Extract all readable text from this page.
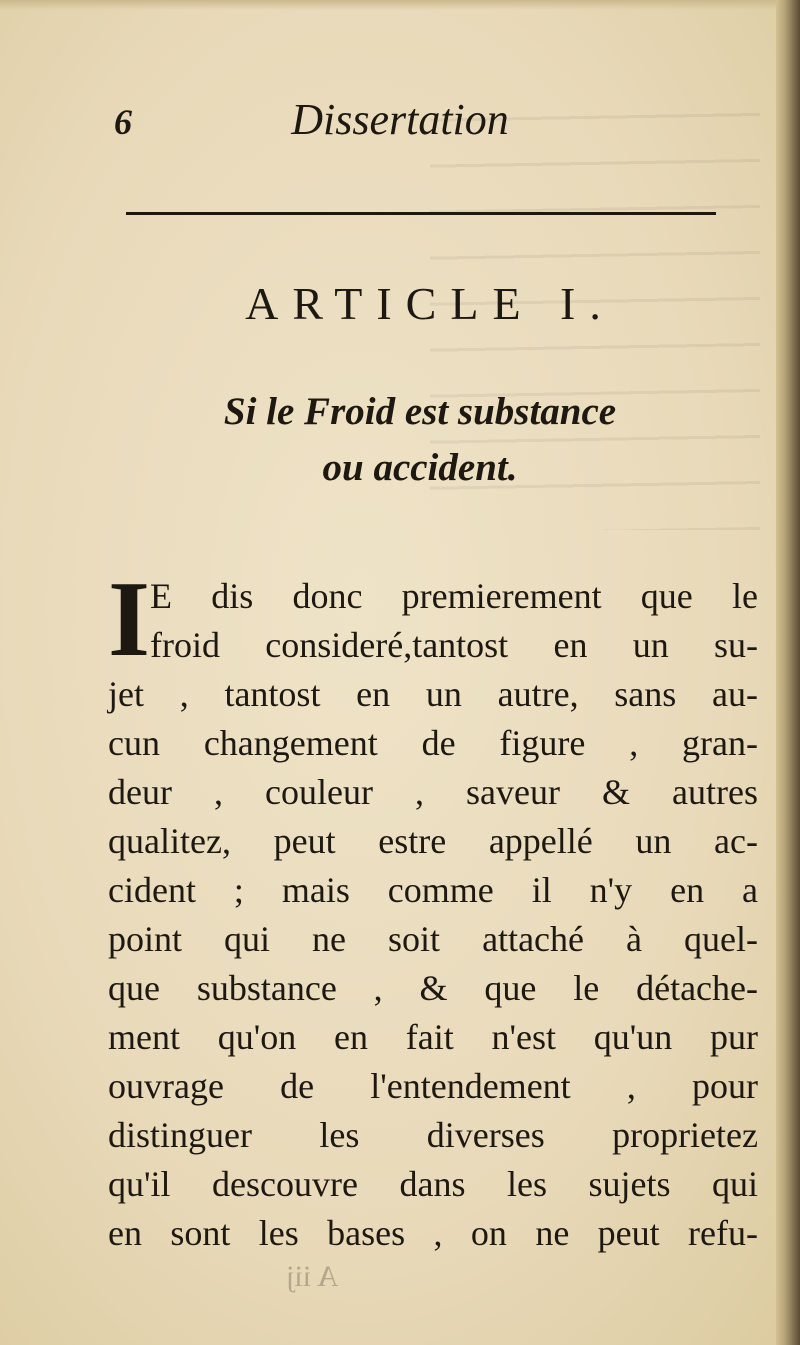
6	Dissertation
ARTICLE I.
Si le Froid est substance
ou accident.
I E dis donc premierement que le
froid consideré,tantost en un su-
jet , tantost en un autre, sans au-
cun changement de figure , gran-
deur , couleur , saveur & autres
qualitez, peut estre appellé un ac-
cident ; mais comme il n'y en a
point qui ne soit attaché à quel-
que substance , & que le détache-
ment qu'on en fait n'est qu'un pur
ouvrage de l'entendement , pour
distinguer les diverses proprietez
qu'il descouvre dans les sujets qui
en sont les bases , on ne peut refu-
A iij
